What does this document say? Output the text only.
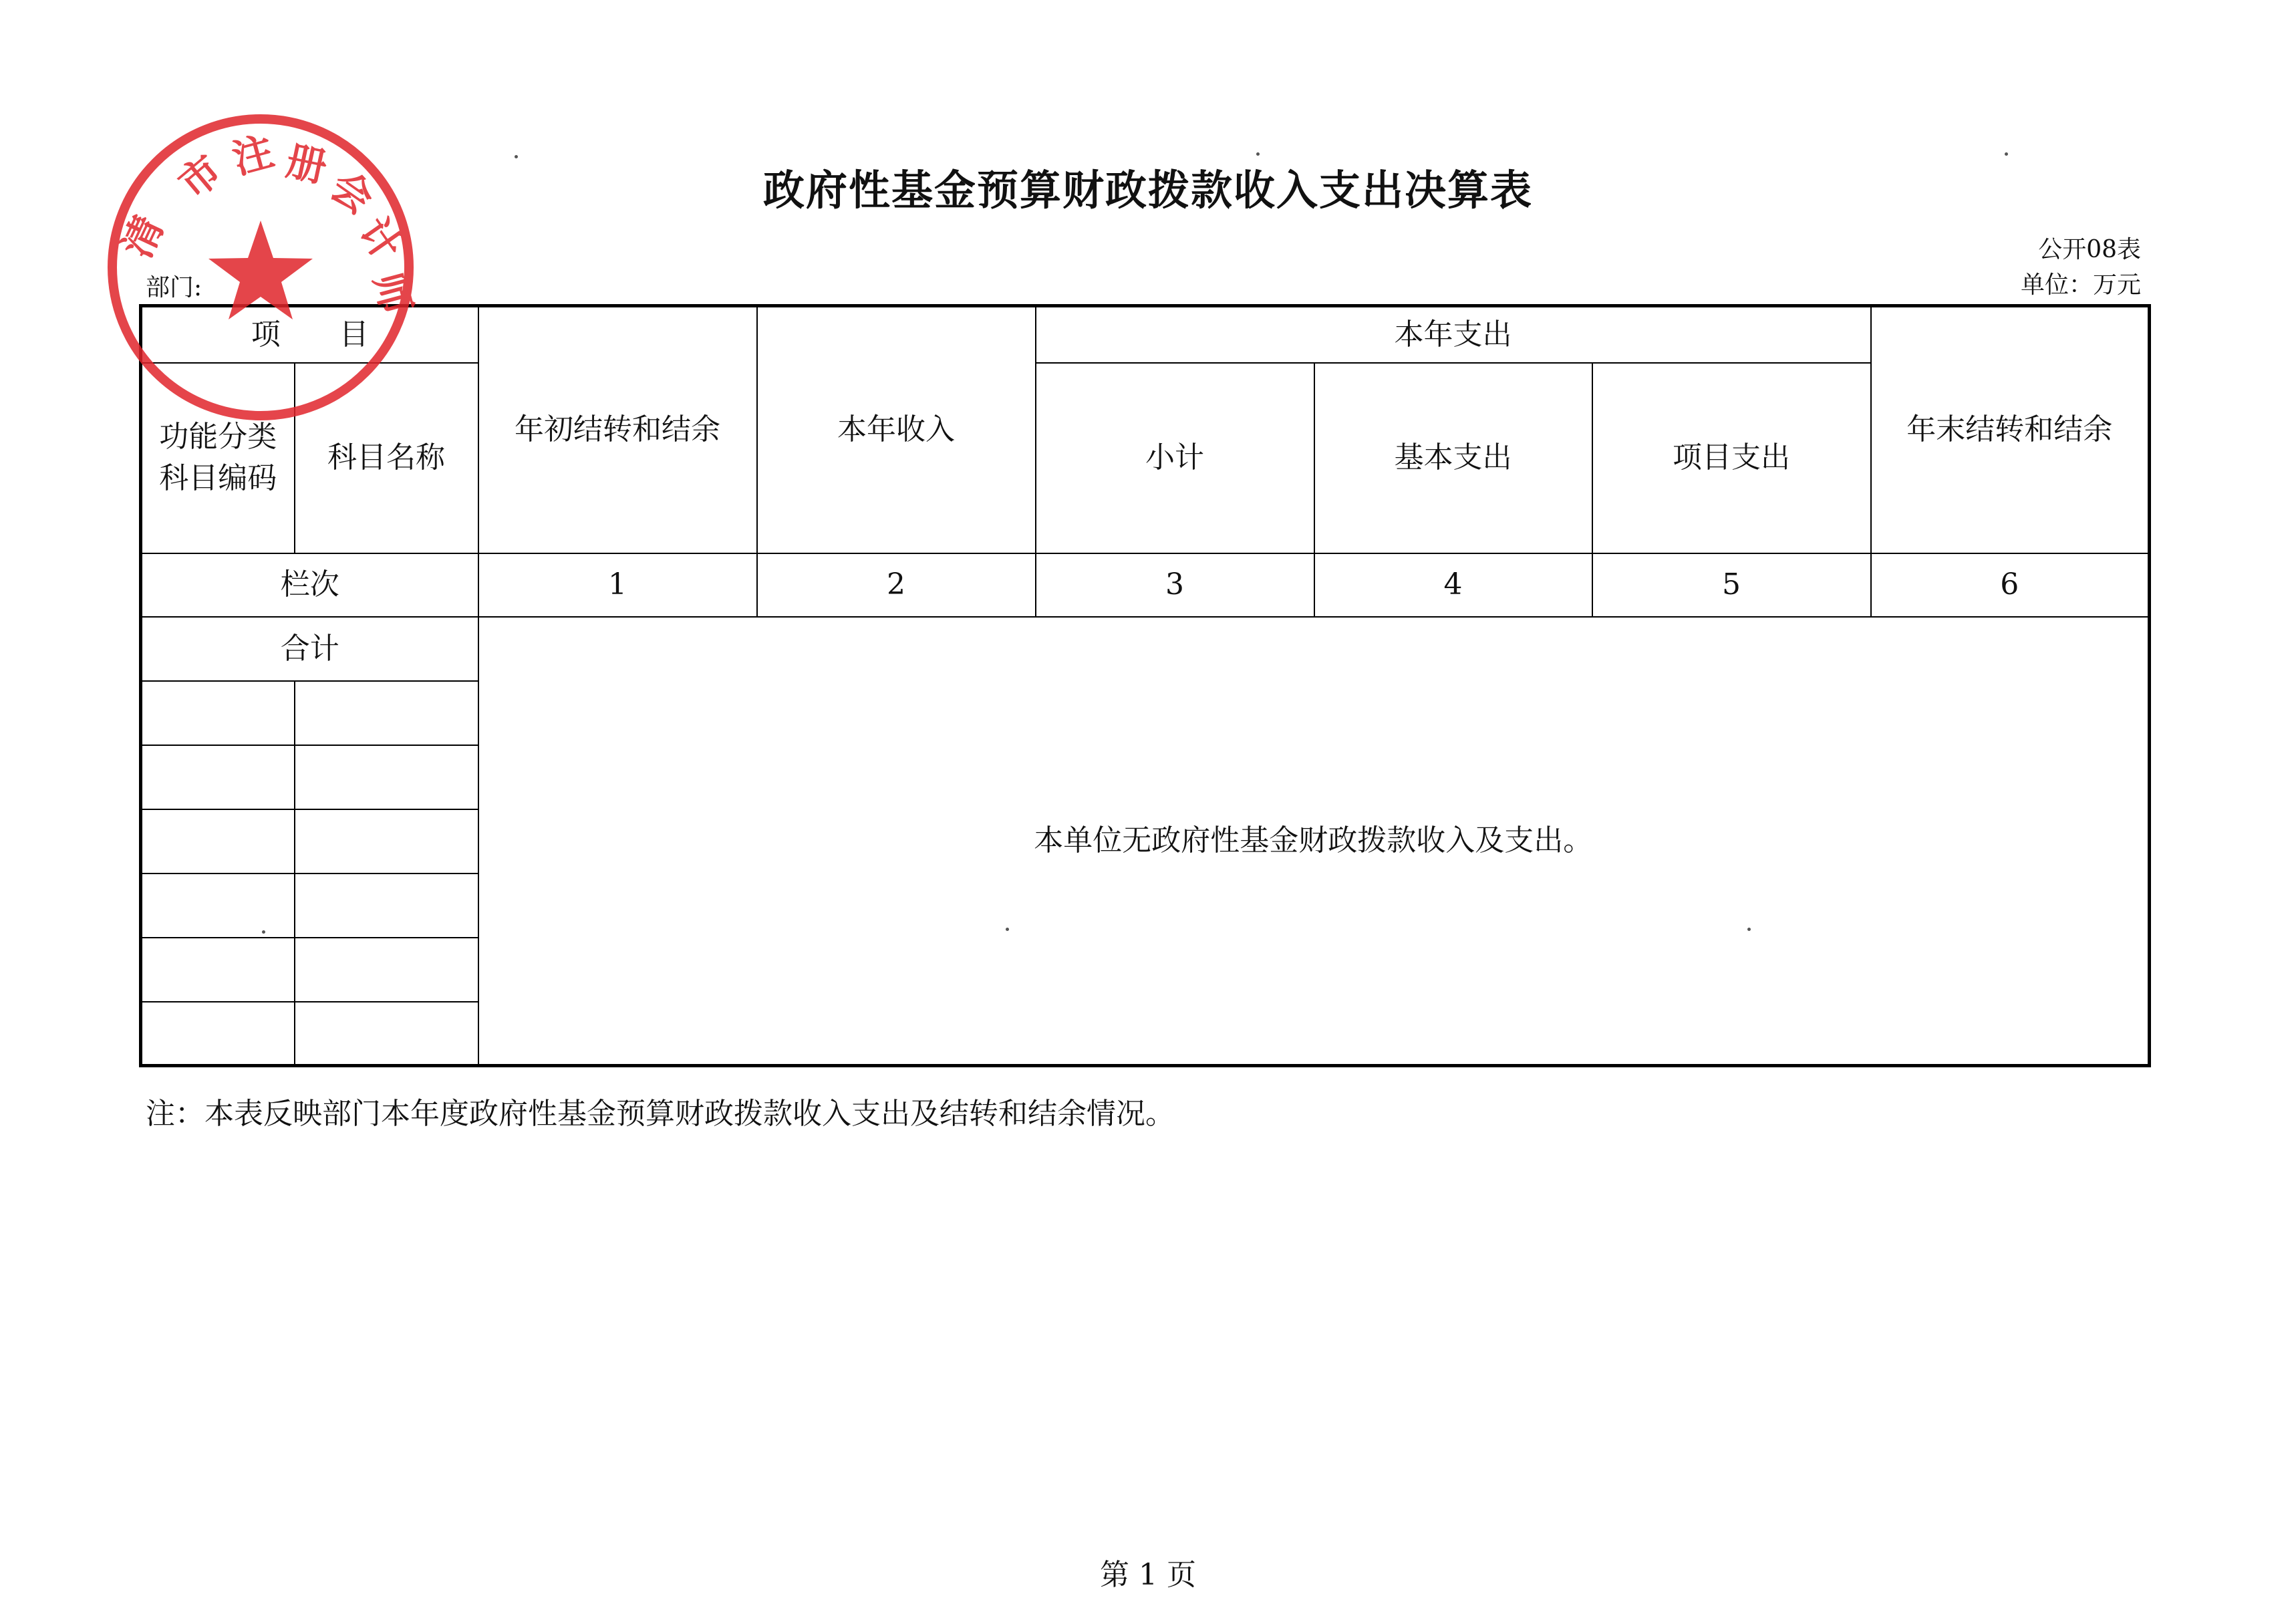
政府性基金预算财政拨款收入支出决算表
公开08表
单位：万元
部门:
项　　目		年初结转和结余	本年收入	本年支出			年末结转和结余
功能分类科目编码	科目名称			小计	基本支出	项目支出	
栏次		1	2	3	4	5	6
合计		本单位无政府性基金财政拨款收入及支出。					

注：本表反映部门本年度政府性基金预算财政拨款收入支出及结转和结余情况。
第 1 页
市
注 册
会
计
师
清
